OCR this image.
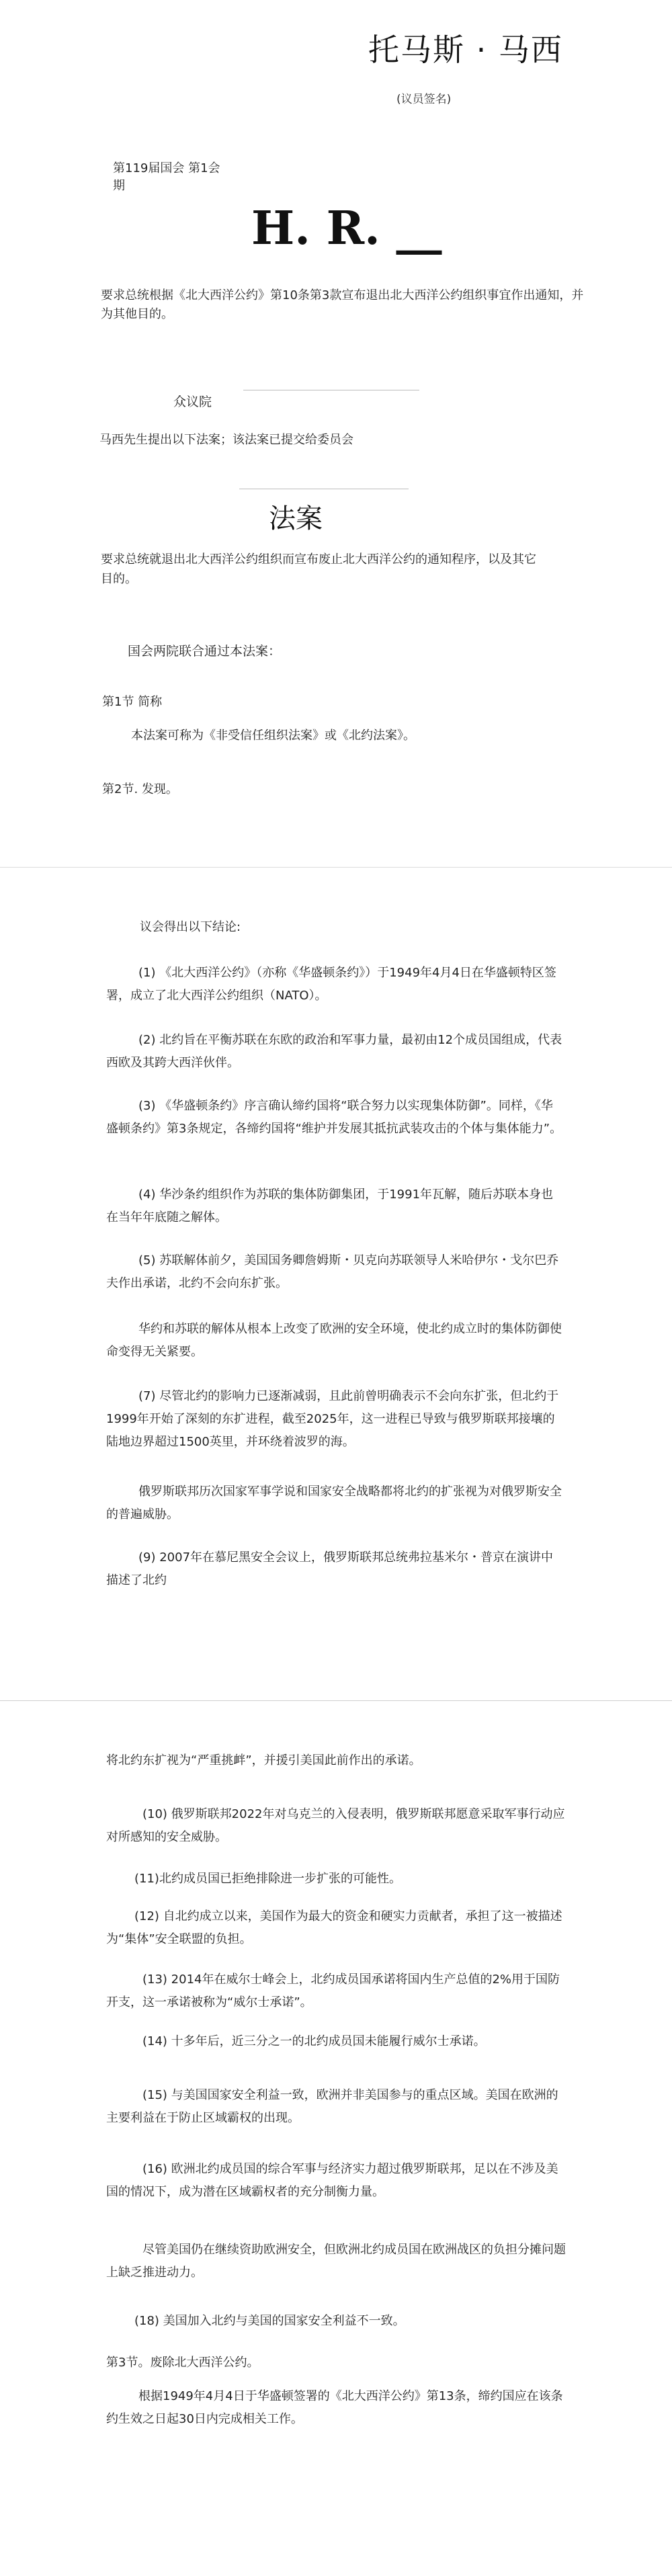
托马斯 · 马西
(议员签名)
第119届国会 第1会期
H. R. __
要求总统根据《北大西洋公约》第10条第3款宣布退出北大西洋公约组织事宜作出通知，并为其他目的。
众议院
马西先生提出以下法案；该法案已提交给委员会
法案
要求总统就退出北大西洋公约组织而宣布废止北大西洋公约的通知程序，以及其它目的。
国会两院联合通过本法案：
第1节 简称
本法案可称为《非受信任组织法案》或《北约法案》。
第2节. 发现。
议会得出以下结论:
(1) 《北大西洋公约》（亦称《华盛顿条约》）于1949年4月4日在华盛顿特区签署，成立了北大西洋公约组织（NATO）。
(2) 北约旨在平衡苏联在东欧的政治和军事力量，最初由12个成员国组成，代表西欧及其跨大西洋伙伴。
(3) 《华盛顿条约》序言确认缔约国将“联合努力以实现集体防御”。同样，《华盛顿条约》第3条规定，各缔约国将“维护并发展其抵抗武装攻击的个体与集体能力”。
(4) 华沙条约组织作为苏联的集体防御集团，于1991年瓦解，随后苏联本身也在当年年底随之解体。
(5) 苏联解体前夕，美国国务卿詹姆斯・贝克向苏联领导人米哈伊尔・戈尔巴乔夫作出承诺，北约不会向东扩张。
华约和苏联的解体从根本上改变了欧洲的安全环境，使北约成立时的集体防御使命变得无关紧要。
(7) 尽管北约的影响力已逐渐减弱，且此前曾明确表示不会向东扩张，但北约于1999年开始了深刻的东扩进程，截至2025年，这一进程已导致与俄罗斯联邦接壤的陆地边界超过1500英里，并环绕着波罗的海。
俄罗斯联邦历次国家军事学说和国家安全战略都将北约的扩张视为对俄罗斯安全的普遍威胁。
(9) 2007年在慕尼黑安全会议上，俄罗斯联邦总统弗拉基米尔・普京在演讲中描述了北约
将北约东扩视为“严重挑衅”，并援引美国此前作出的承诺。
(10) 俄罗斯联邦2022年对乌克兰的入侵表明，俄罗斯联邦愿意采取军事行动应对所感知的安全威胁。
(11)北约成员国已拒绝排除进一步扩张的可能性。
(12) 自北约成立以来，美国作为最大的资金和硬实力贡献者，承担了这一被描述为“集体”安全联盟的负担。
(13) 2014年在威尔士峰会上，北约成员国承诺将国内生产总值的2%用于国防开支，这一承诺被称为“威尔士承诺”。
(14) 十多年后，近三分之一的北约成员国未能履行威尔士承诺。
(15) 与美国国家安全利益一致，欧洲并非美国参与的重点区域。美国在欧洲的主要利益在于防止区域霸权的出现。
(16) 欧洲北约成员国的综合军事与经济实力超过俄罗斯联邦，足以在不涉及美国的情况下，成为潜在区域霸权者的充分制衡力量。
尽管美国仍在继续资助欧洲安全，但欧洲北约成员国在欧洲战区的负担分摊问题上缺乏推进动力。
(18) 美国加入北约与美国的国家安全利益不一致。
第3节。废除北大西洋公约。
根据1949年4月4日于华盛顿签署的《北大西洋公约》第13条，缔约国应在该条约生效之日起30日内完成相关工作。
